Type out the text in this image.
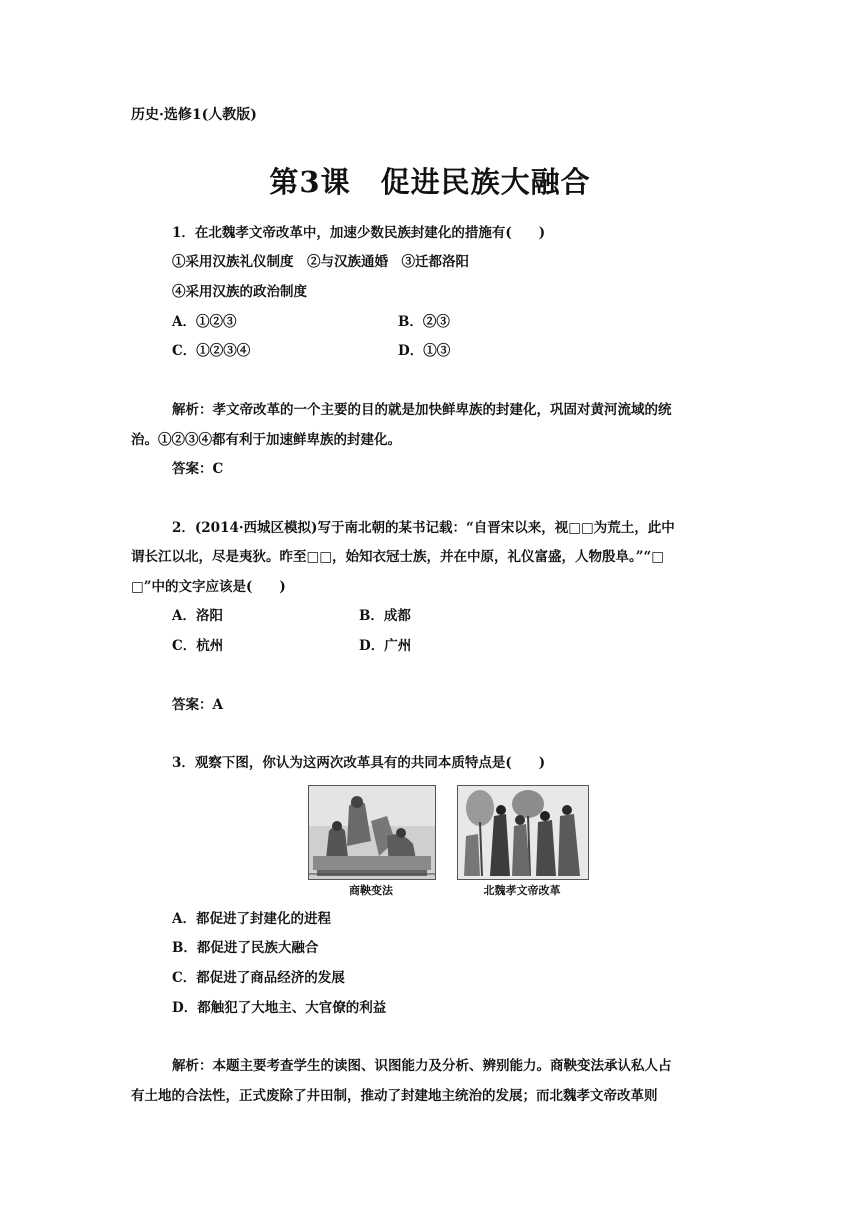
历史·选修1(人教版)
第3课　促进民族大融合
1．在北魏孝文帝改革中，加速少数民族封建化的措施有(　　)
①采用汉族礼仪制度　②与汉族通婚　③迁都洛阳
④采用汉族的政治制度
A．①②③	B．②③
C．①②③④	D．①③
解析：孝文帝改革的一个主要的目的就是加快鲜卑族的封建化，巩固对黄河流域的统
治。①②③④都有利于加速鲜卑族的封建化。
答案：C
2．(2014·西城区模拟)写于南北朝的某书记载：“自晋宋以来，视□□为荒土，此中
谓长江以北，尽是夷狄。昨至□□，始知衣冠士族，并在中原，礼仪富盛，人物殷阜。”“□
□”中的文字应该是(　　)
A．洛阳	B．成都
C．杭州	D．广州
答案：A
3．观察下图，你认为这两次改革具有的共同本质特点是(　　)
商鞅变法	北魏孝文帝改革
A．都促进了封建化的进程
B．都促进了民族大融合
C．都促进了商品经济的发展
D．都触犯了大地主、大官僚的利益
解析：本题主要考查学生的读图、识图能力及分析、辨别能力。商鞅变法承认私人占
有土地的合法性，正式废除了井田制，推动了封建地主统治的发展；而北魏孝文帝改革则
